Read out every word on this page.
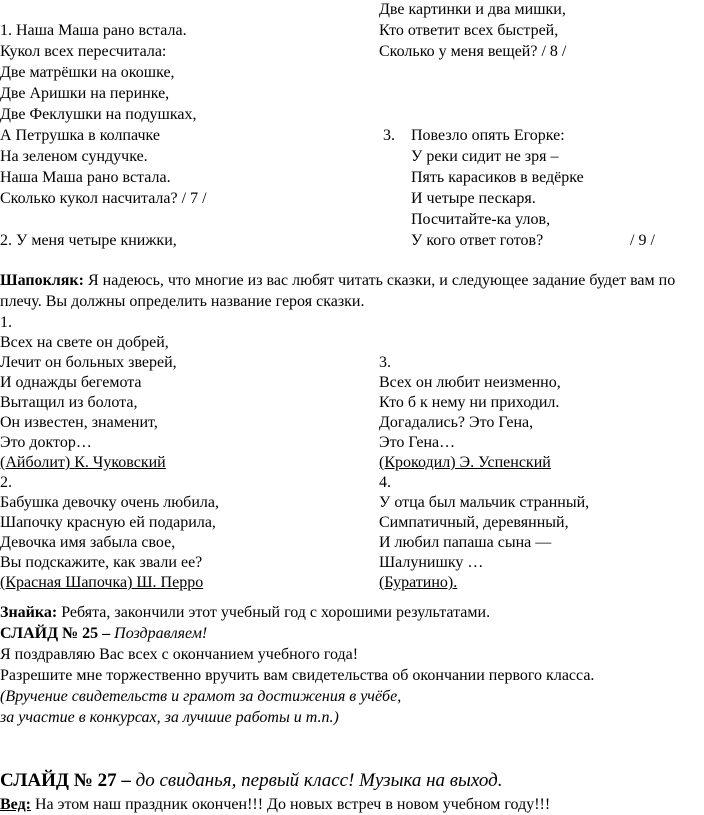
1. Наша Маша рано встала.
Кукол всех пересчитала:
Две матрёшки на окошке,
Две Аришки на перинке,
Две Феклушки на подушках,
А Петрушка в колпачке
На зеленом сундучке.
Наша Маша рано встала.
Сколько кукол насчитала? / 7 /
2. У меня четыре книжки,
Две картинки и два мишки,
Кто ответит всех быстрей,
Сколько у меня вещей? / 8 /
3. Повезло опять Егорке:
У реки сидит не зря –
Пять карасиков в ведёрке
И четыре пескаря.
Посчитайте-ка улов,
У кого ответ готов?	/ 9 /
Шапокляк: Я надеюсь, что многие из вас любят читать сказки, и следующее задание будет вам по плечу. Вы должны определить название героя сказки.
1.
Всех на свете он добрей,
Лечит он больных зверей,
И однажды бегемота
Вытащил из болота,
Он известен, знаменит,
Это доктор…
(Айболит) К. Чуковский
2.
Бабушка девочку очень любила,
Шапочку красную ей подарила,
Девочка имя забыла свое,
Вы подскажите, как звали ее?
(Красная Шапочка) Ш. Перро
3.
Всех он любит неизменно,
Кто б к нему ни приходил.
Догадались? Это Гена,
Это Гена…
(Крокодил) Э. Успенский
4.
У отца был мальчик странный,
Симпатичный, деревянный,
И любил папаша сына —
Шалунишку …
(Буратино).
Знайка: Ребята, закончили этот учебный год с хорошими результатами.
СЛАЙД № 25 – Поздравляем!
Я поздравляю Вас всех с окончанием учебного года!
Разрешите мне торжественно вручить вам свидетельства об окончании первого класса.
(Вручение свидетельств и грамот за достижения в учёбе,
за участие в конкурсах, за лучшие работы и т.п.)
СЛАЙД № 27 – до свиданья, первый класс! Музыка на выход.
Вед: На этом наш праздник окончен!!! До новых встреч в новом учебном году!!!
